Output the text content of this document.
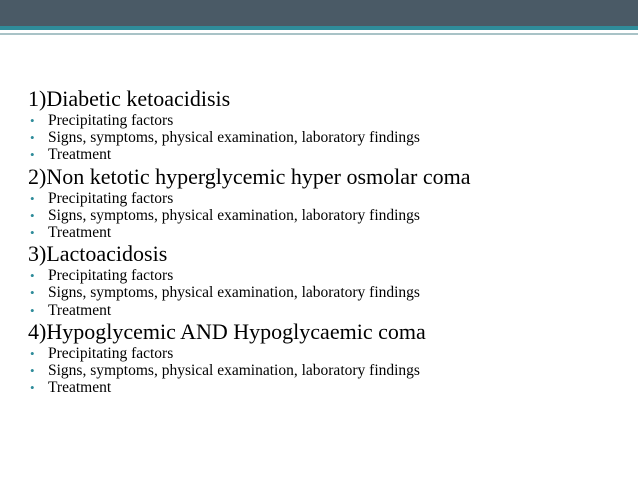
1)Diabetic ketoacidisis
• Precipitating factors
• Signs, symptoms, physical examination, laboratory findings
• Treatment
2)Non ketotic hyperglycemic hyper osmolar coma
• Precipitating factors
• Signs, symptoms, physical examination, laboratory findings
• Treatment
3)Lactoacidosis
• Precipitating factors
• Signs, symptoms, physical examination, laboratory findings
• Treatment
4)Hypoglycemic AND Hypoglycaemic coma
• Precipitating factors
• Signs, symptoms, physical examination, laboratory findings
• Treatment
